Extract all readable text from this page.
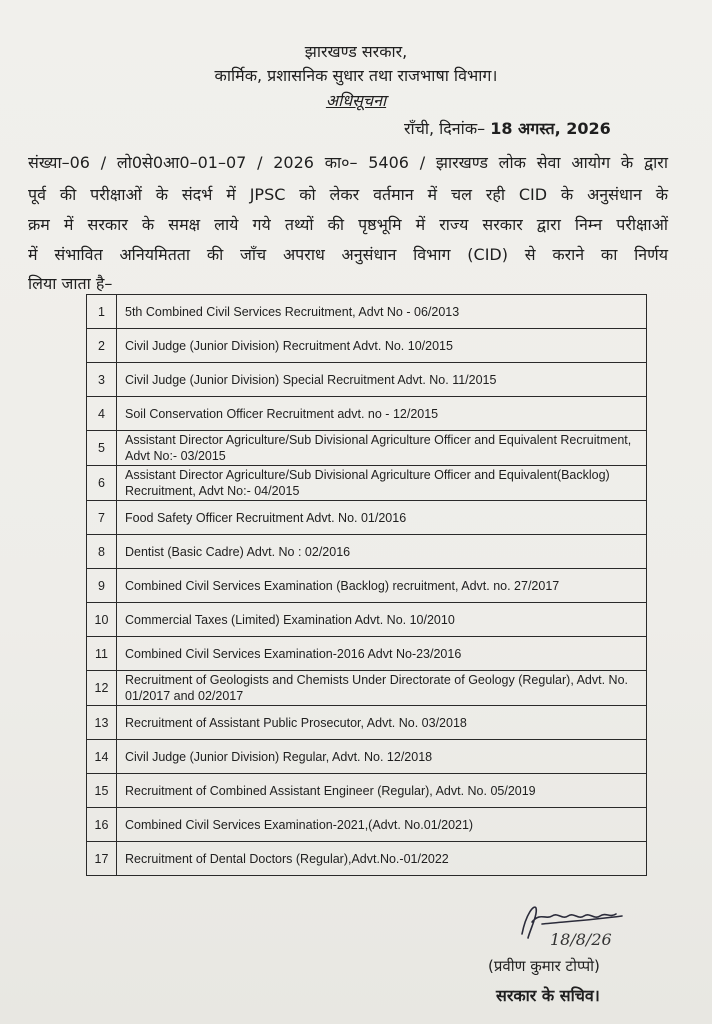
झारखण्ड सरकार,
कार्मिक, प्रशासनिक सुधार तथा राजभाषा विभाग।
अधिसूचना
राँची, दिनांक– 18 अगस्त, 2026
संख्या–06 / लो0से0आ0–01–07 / 2026 का०– 5406 / झारखण्ड लोक सेवा आयोग के द्वारा
पूर्व की परीक्षाओं के संदर्भ में JPSC को लेकर वर्तमान में चल रही CID के अनुसंधान के
क्रम में सरकार के समक्ष लाये गये तथ्यों की पृष्ठभूमि में राज्य सरकार द्वारा निम्न परीक्षाओं
में संभावित अनियमितता की जाँच अपराध अनुसंधान विभाग (CID) से कराने का निर्णय
लिया जाता है–
1	5th Combined Civil Services Recruitment, Advt No - 06/2013
2	Civil Judge (Junior Division) Recruitment Advt. No. 10/2015
3	Civil Judge (Junior Division) Special Recruitment Advt. No. 11/2015
4	Soil Conservation Officer Recruitment advt. no - 12/2015
5	Assistant Director Agriculture/Sub Divisional Agriculture Officer and Equivalent Recruitment, Advt No:- 03/2015
6	Assistant Director Agriculture/Sub Divisional Agriculture Officer and Equivalent(Backlog) Recruitment, Advt No:- 04/2015
7	Food Safety Officer Recruitment Advt. No. 01/2016
8	Dentist (Basic Cadre) Advt. No : 02/2016
9	Combined Civil Services Examination (Backlog) recruitment, Advt. no. 27/2017
10	Commercial Taxes (Limited) Examination Advt. No. 10/2010
11	Combined Civil Services Examination-2016 Advt No-23/2016
12	Recruitment of Geologists and Chemists Under Directorate of Geology (Regular), Advt. No. 01/2017 and 02/2017
13	Recruitment of Assistant Public Prosecutor, Advt. No. 03/2018
14	Civil Judge (Junior Division) Regular, Advt. No. 12/2018
15	Recruitment of Combined Assistant Engineer (Regular), Advt. No. 05/2019
16	Combined Civil Services Examination-2021,(Advt. No.01/2021)
17	Recruitment of Dental Doctors (Regular),Advt.No.-01/2022
18/8/26
(प्रवीण कुमार टोप्पो)
सरकार के सचिव।
